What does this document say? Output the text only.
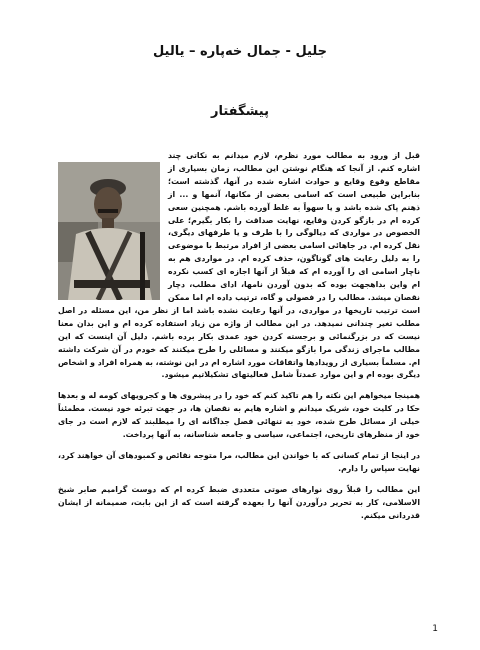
جلیل - جمال خەپارە – یالیل
پیشگفتار

قبل از ورود به مطالب مورد نظرم، لازم میدانم به نکاتی چند اشاره کنم. از آنجا که هنگام نوشتن این مطالب، زمان بسیاری از مقاطع وقوع وقایع و حوادث اشاره شده در آنها، گذشته است؛ بنابراین طبیعی است که اسامی بعضی از مکانها، آنمها و ... از ذهنم پاک شده باشد و یا سهواً به غلط آورده باشم. همچنین سعی کرده ام در بازگو کردن وقایع، نهایت صداقت را بکار بگیرم؛ علی الخصوص در مواردی که دیالوگی را با طرف و یا طرفهای دیگری، نقل کرده ام. در جاهائی اسامی بعضی از افراد مرتبط با موضوعی را به دلیل رعایت های گوناگون، حذف کرده ام. در مواردی هم به ناچار اسامی ای را آورده ام که قبلاً از آنها اجازه ای کسب نکرده ام واین بداهجهت بوده که بدون آوردن نامها، ادای مطلب، دچار نقصان میشد. مطالب را در فصولی و گاه، ترتیب داده ام اما ممکن است ترتیب تاریخها در مواردی، در آنها رعایت نشده باشد اما از نظر من، این مسئله در اصل مطلب تغیر چندانی نمیدهد. در این مطالب از واژه من زیاد استفاده کرده ام و این بدان معنا نیست که در بزرگنمائی و برجسته کردن خود عمدی بکار برده باشم. دلیل آن اینست که این مطالب ماجرای زندگی مرا بازگو میکنند و مسائلی را طرح میکنند که خودم در آن شرکت داشته ام. مسلماً بسیاری از رویدادها واتفاقات مورد اشاره ام در این نوشته، به همراه افراد و اشخاص دیگری بوده ام و این موارد عمدتاً شامل فعالیتهای تشکیلاتیم میشود.

همینجا میخواهم این نکته را هم تاکید کنم که خود را در پیشروی ها و کجرویهای کومه له و بعدها حکا در کلیت خود، شریک میدانم و اشاره هایم به نقصان ها، در جهت تبرئه خود نیست. مطمئناً خیلی از مسائل طرح شده، خود به تنهائی فصل جداگانه ای را میطلبند که لازم است در جای خود از منظرهای تاریخی، اجتماعی، سیاسی و جامعه شناسانه، به آنها پرداخت.

در اینجا از تمام کسانی که با خواندن این مطالب، مرا متوجه نقائص و کمبودهای آن خواهند کرد، نهایت سپاس را دارم.

این مطالب را قبلاً روی نوارهای صوتی متعددی ضبط کرده ام که دوست گرامیم صابر شیخ الاسلامی، کار به تحریر درآوردن آنها را بعهده گرفته است که از این بابت، صمیمانه از ایشان قدردانی میکنم.

1
